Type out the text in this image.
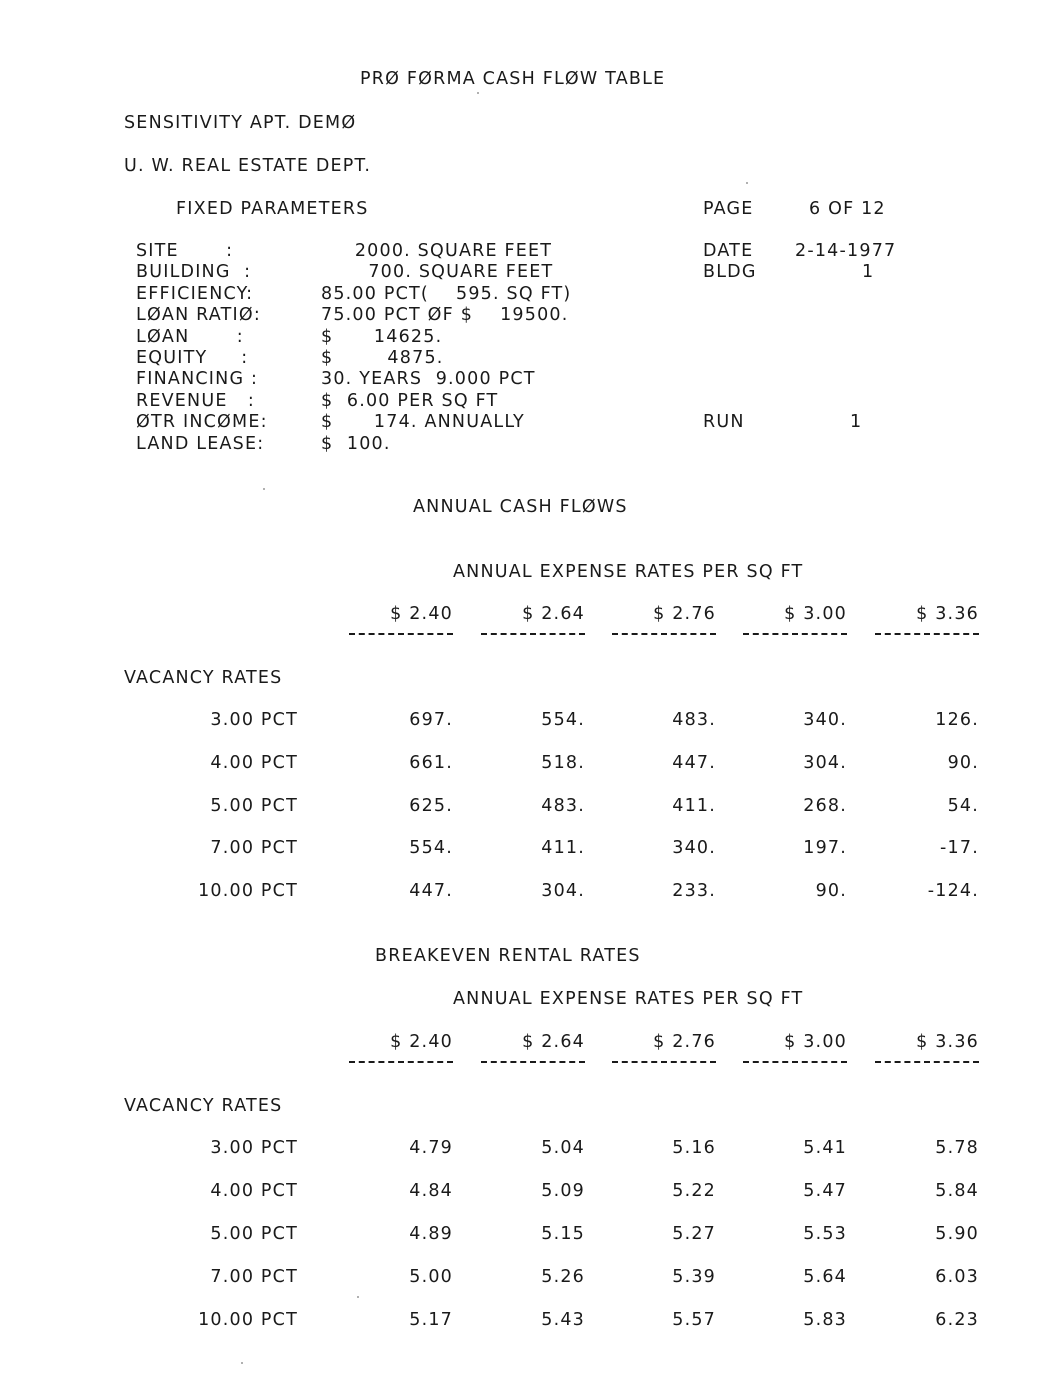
PRØ FØRMA CASH FLØW TABLE
SENSITIVITY APT. DEMØ
U. W. REAL ESTATE DEPT.
FIXED PARAMETERS	PAGE	6 OF 12
DATE 2-14-1977
BLDG	1
RUN	1
SITE       :	2000. SQUARE FEET
BUILDING  :	700. SQUARE FEET
EFFICIENCY:	85.00 PCT(    595. SQ FT)
LØAN RATIØ:	75.00 PCT ØF $    19500.
LØAN       :	$      14625.
EQUITY     :	$        4875.
FINANCING :	30. YEARS  9.000 PCT
REVENUE   :	$  6.00 PER SQ FT
ØTR INCØME:	$      174. ANNUALLY
LAND LEASE:	$  100.
ANNUAL CASH FLØWS
ANNUAL EXPENSE RATES PER SQ FT
VACANCY RATES
$ 2.40	$ 2.64	$ 2.76	$ 3.00	$ 3.36
3.00 PCT	697.	554.	483.	340.	126.
4.00 PCT	661.	518.	447.	304.	90.
5.00 PCT	625.	483.	411.	268.	54.
7.00 PCT	554.	411.	340.	197.	-17.
10.00 PCT	447.	304.	233.	90.	-124.
BREAKEVEN RENTAL RATES
ANNUAL EXPENSE RATES PER SQ FT
VACANCY RATES
$ 2.40	$ 2.64	$ 2.76	$ 3.00	$ 3.36
3.00 PCT	4.79	5.04	5.16	5.41	5.78
4.00 PCT	4.84	5.09	5.22	5.47	5.84
5.00 PCT	4.89	5.15	5.27	5.53	5.90
7.00 PCT	5.00	5.26	5.39	5.64	6.03
10.00 PCT	5.17	5.43	5.57	5.83	6.23
